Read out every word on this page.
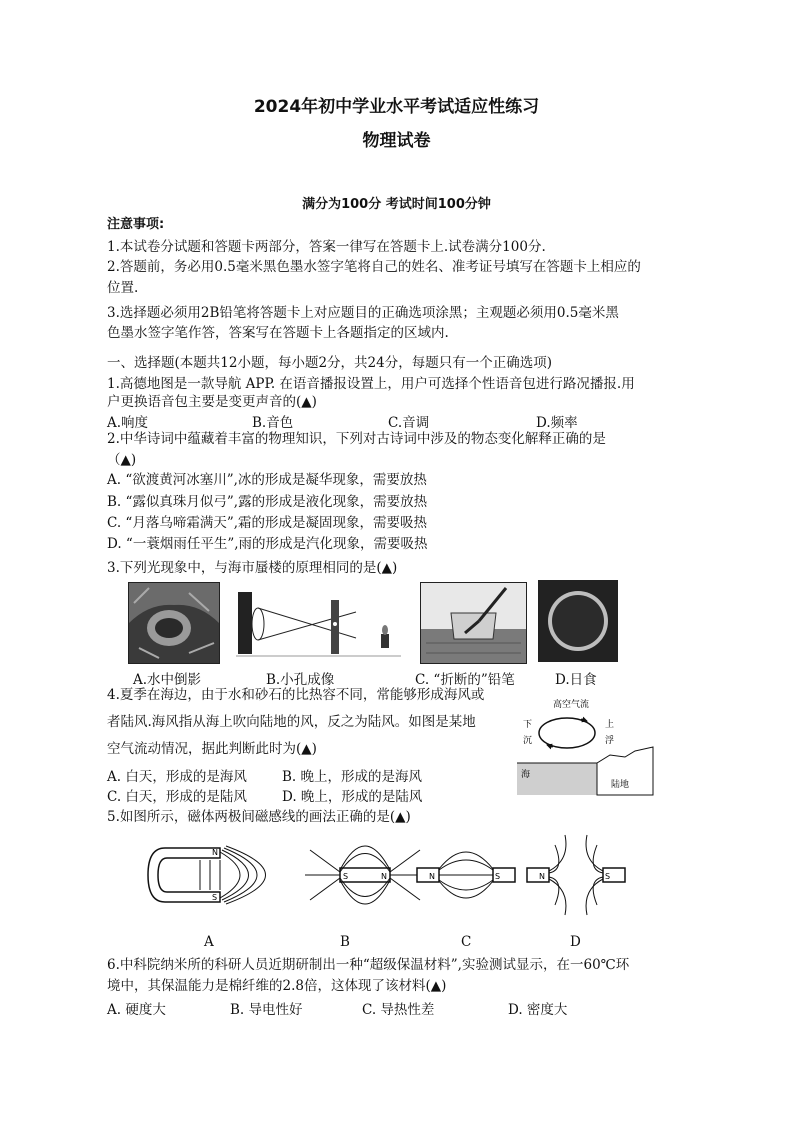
2024年初中学业水平考试适应性练习
物理试卷
满分为100分 考试时间100分钟
注意事项:
1.本试卷分试题和答题卡两部分，答案一律写在答题卡上.试卷满分100分.
2.答题前，务必用0.5毫米黑色墨水签字笔将自己的姓名、准考证号填写在答题卡上相应的
位置.
3.选择题必须用2B铅笔将答题卡上对应题目的正确选项涂黑；主观题必须用0.5毫米黑
色墨水签字笔作答，答案写在答题卡上各题指定的区域内.
一、选择题(本题共12小题，每小题2分，共24分，每题只有一个正确选项)
1.高德地图是一款导航 APP. 在语音播报设置上，用户可选择个性语音包进行路况播报.用
户更换语音包主要是变更声音的(▲)
A.响度	B.音色	C.音调	D.频率
2.中华诗词中蕴藏着丰富的物理知识，下列对古诗词中涉及的物态变化解释正确的是
（▲)
A. “欲渡黄河冰塞川”,冰的形成是凝华现象，需要放热
B. “露似真珠月似弓”,露的形成是液化现象，需要放热
C. “月落乌啼霜满天”,霜的形成是凝固现象，需要吸热
D. “一蓑烟雨任平生”,雨的形成是汽化现象，需要吸热
3.下列光现象中，与海市蜃楼的原理相同的是(▲)
A.水中倒影	B.小孔成像	C. “折断的”铅笔	D.日食
4.夏季在海边，由于水和砂石的比热容不同，常能够形成海风或
者陆风.海风指从海上吹向陆地的风，反之为陆风。如图是某地
空气流动情况，据此判断此时为(▲)
A. 白天，形成的是海风	B. 晚上，形成的是海风
C. 白天，形成的是陆风	D. 晚上，形成的是陆风
高空气流
下
沉
上
浮
海
陆地
5.如图所示，磁体两极间磁感线的画法正确的是(▲)
N
S
S	N	N	S	N	S
A	B	C	D
6.中科院纳米所的科研人员近期研制出一种“超级保温材料”,实验测试显示，在一60℃环
境中，其保温能力是棉纤维的2.8倍，这体现了该材料(▲)
A. 硬度大	B. 导电性好	C. 导热性差	D. 密度大
